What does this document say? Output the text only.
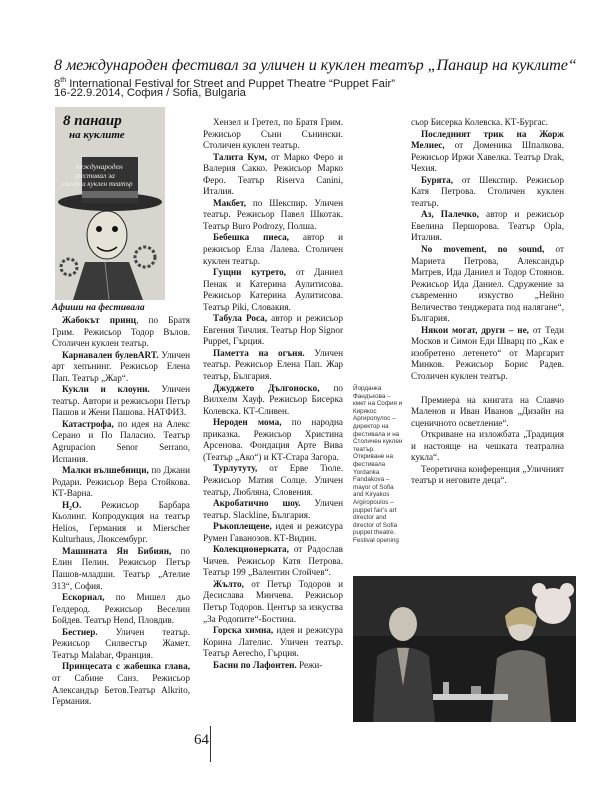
8 международен фестивал за уличен и куклен театър „Панаир на куклите“
8th International Festival for Street and Puppet Theatre “Puppet Fair”
16-22.9.2014, София / Sofia, Bulgaria
8 панаир
на куклите
международен
фестивал за
уличен и куклен театър
Афиши на фестивала

Жабокът принц, по Братя Грим. Режисьор Тодор Вълов. Столичен куклен театър.

Карнавален булевART. Уличен арт хепънинг. Режисьор Елена Пап. Театър „Жар“.

Кукли и клоуни. Уличен театър. Автори и режисьори Петър Пашов и Жени Пашова. НАТФИЗ.

Катастрофа, по идея на Алекс Серано и По Паласио. Театър Agrupacion Senor Serrano, Испания.

Малки вълшебници, по Джани Родари. Режисьор Вера Стойкова. КТ-Варна.

H₂O. Режисьор Барбара Кьолинг. Копродукция на театър Helios, Германия и Mierscher Kulturhaus, Люксембург.

Машината Ян Бибиян, по Елин Пелин. Режисьор Петър Пашов-младши. Театър „Ателие 313“, София.

Ескориал, по Мишел дьо Гелдерод. Режисьор Веселин Бойдев. Театър Hend, Пловдив.

Бестиер. Уличен театър. Режисьор Силвестър Жамет. Театър Malabar, Франция.

Принцесата с жабешка глава, от Сабине Санз. Режисьор Александър Бетов.Театър Alkrito, Германия.

Хензел и Гретел, по Братя Грим. Режисьор Съни Сънински. Столичен куклен театър.

Талита Кум, от Марко Феро и Валерия Сакко. Режисьор Марко Феро. Театър Riserva Canini, Италия.

Макбет, по Шекспир. Уличен театър. Режисьор Павел Шкотак. Театър Buro Podrozy, Полша.

Бебешка пиеса, автор и режисьор Елза Лалева. Столичен куклен театър.

Гущни кутрето, от Даниел Пенак и Катерина Аулитисова. Режисьор Катерина Аулитисова. Театър Piki, Словакия.

Табула Роса, автор и режисьор Евгения Тичлия. Театър Hop Signor Puppet, Гърция.

Паметта на огъня. Уличен театър. Режисьор Елена Пап. Жар театър, България.

Джуджето Дългоноско, по Вилхелм Хауф. Режисьор Бисерка Колевска. КТ-Сливен.

Нероден мома, по народна приказка. Режисьор Христина Арсенова. Фондация Арте Вива (Театър „Ако“) и КТ-Стара Загора.

Турлутуту, от Ерве Тюле. Режисьор Матия Солце. Уличен театър, Любляна, Словения.

Акробатично шоу. Уличен театър. Slackline, България.

Ръкоплещене, идея и режисура Румен Гаванозов. КТ-Видин.

Колекционерката, от Радослав Чичев. Режисьор Катя Петрова. Театър 199 „Валентин Стойчев“.

Жълто, от Петър Тодоров и Десислава Минчева. Режисьор Петър Тодоров. Център за изкуства „За Родопите“-Бостина.

Горска химна, идея и режисура Корина Лателис. Уличен театър. Театър Aerecho, Гърция.

Басни по Лафонтен. Режи-

сьор Бисерка Колевска. КТ-Бургас.

Последният трик на Жорж Мелиес, от Доменика Шпалкова. Режисьор Иржи Хавелка. Театър Drak, Чехия.

Бурята, от Шекспир. Режисьор Катя Петрова. Столичен куклен театър.

Аз, Палечко, автор и режисьор Евелина Першорова. Театър Opla, Италия.

No movement, no sound, от Мариета Петрова, Александър Митрев, Ида Даниел и Тодор Стоянов. Режисьор Ида Даниел. Сдружение за съвременно изкуство „Нейно Величество тенджерата под налягане“, България.

Някои могат, други – не, от Теди Москов и Симон Еди Шварц по „Как е изобретено летенето“ от Маргарит Минков. Режисьор Борис Радев. Столичен куклен театър.

Премиера на книгата на Славчо Маленов и Иван Иванов „Дизайн на сценичното осветление“.

Откриване на изложбата „Традиция и настояще на чешката театрална кукла“.

Теоретична конференция „Уличният театър и неговите деца“.

Йорданка Фандъкова – кмет на София и Кирякос Аргиропулос – директор на фестивала и на Столичен куклен театър. Откриване на фестивала Yordanka Fandakova – mayor of Sofia and Kiryakos Argiropoulos – puppet fair’s art director and director of Sofia puppet theatre. Festival opening
64
